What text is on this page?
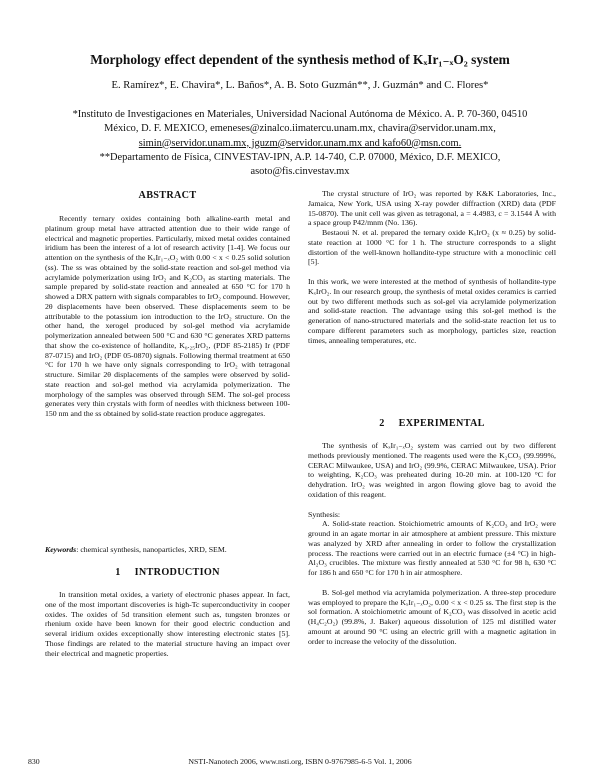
Morphology effect dependent of the synthesis method of KₓIr₁₋ₓO₂ system
E. Ramírez*, E. Chavira*, L. Baños*, A. B. Soto Guzmán**, J. Guzmán* and C. Flores*
*Instituto de Investigaciones en Materiales, Universidad Nacional Autónoma de México. A. P. 70-360, 04510
México, D. F. MEXICO, emeneses@zinalco.iimatercu.unam.mx, chavira@servidor.unam.mx,
simin@servidor.unam.mx, jguzm@servidor.unam.mx and kafo60@msn.com.
**Departamento de Física, CINVESTAV-IPN, A.P. 14-740, C.P. 07000, México, D.F. MEXICO,
asoto@fis.cinvestav.mx
ABSTRACT

Recently ternary oxides containing both alkaline-earth metal and platinum group metal have attracted attention due to their wide range of electrical and magnetic properties. Particularly, mixed metal oxides contained iridium has been the interest of a lot of research activity [1-4]. We focus our attention on the synthesis of the KₓIr₁₋ₓO₂ with 0.00 < x < 0.25 solid solution (ss). The ss was obtained by the solid-state reaction and sol-gel method via acrylamide polymerization using IrO₂ and K₂CO₃ as starting materials. The sample prepared by solid-state reaction and annealed at 650 °C for 170 h showed a DRX pattern with signals comparables to IrO₂ compound. However, 2θ displacements have been observed. These displacements seem to be attributable to the potassium ion introduction to the IrO₂ structure. On the other hand, the xerogel produced by sol-gel method via acrylamide polymerization annealed between 500 °C and 630 °C generates XRD patterns that show the co-existence of hollandite, K₀.₂₅IrO₂, (PDF 85-2185) Ir (PDF 87-0715) and IrO₂ (PDF 05-0870) signals. Following thermal treatment at 650 °C for 170 h we have only signals corresponding to IrO₂ with tetragonal structure. Similar 2θ displacements of the samples were observed by solid-state reaction and sol-gel method via acrylamida polymerization. The morphology of the samples was observed through SEM. The sol-gel process generates very thin crystals with form of needles with thickness between 100-150 nm and the ss obtained by solid-state reaction produce aggregates.

Keywords: chemical synthesis, nanoparticles, XRD, SEM.
1 INTRODUCTION

In transition metal oxides, a variety of electronic phases appear. In fact, one of the most important discoveries is high-Tc superconductivity in cooper oxides. The oxides of 5d transition element such as, tungsten bronzes or rhenium oxide have been known for their good electric conduction and several iridium oxides exceptionally show interesting electronic states [5]. Those findings are related to the material structure having an impact over their electrical and magnetic properties.

The crystal structure of IrO₂ was reported by K&K Laboratories, Inc., Jamaica, New York, USA using X-ray powder diffraction (XRD) data (PDF 15-0870). The unit cell was given as tetragonal, a = 4.4983, c = 3.1544 Å with a space group P42/mnm (No. 136).

Bestaoui N. et al. prepared the ternary oxide KₓIrO₂ (x ≈ 0.25) by solid-state reaction at 1000 °C for 1 h. The structure corresponds to a slight distortion of the well-known hollandite-type structure with a monoclinic cell [5].

In this work, we were interested at the method of synthesis of hollandite-type KₓIrO₂. In our research group, the synthesis of metal oxides ceramics is carried out by two different methods such as sol-gel via acrylamide polymerization and solid-state reaction. The advantage using this sol-gel method is the generation of nano-structured materials and the solid-state reaction let us to compare different parameters such as morphology, particles size, reaction times, annealing temperatures, etc.

2 EXPERIMENTAL

The synthesis of KₓIr₁₋ₓO₂ system was carried out by two different methods previously mentioned. The reagents used were the K₂CO₃ (99.999%, CERAC Milwaukee, USA) and IrO₂ (99.9%, CERAC Milwaukee, USA). Prior to weighting, K₂CO₃ was preheated during 10-20 min. at 100-120 °C for dehydration. IrO₂ was weighted in argon flowing glove bag to avoid the oxidation of this reagent.

Synthesis:

A. Solid-state reaction. Stoichiometric amounts of K₂CO₃ and IrO₂ were ground in an agate mortar in air atmosphere at ambient pressure. This mixture was analyzed by XRD after annealing in order to follow the crystallization process. The reactions were carried out in an electric furnace (±4 °C) in high-Al₂O₃ crucibles. The mixture was firstly annealed at 530 °C for 98 h, 630 °C for 186 h and 650 °C for 170 h in air atmosphere.

B. Sol-gel method via acrylamida polymerization. A three-step procedure was employed to prepare the KₓIr₁₋ₓO₂, 0.00 < x < 0.25 ss. The first step is the sol formation. A stoichiometric amount of K₂CO₃ was dissolved in acetic acid (H₄C₂O₂) (99.8%, J. Baker) aqueous dissolution of 125 ml distilled water amount at around 90 °C using an electric grill with a magnetic agitation in order to increase the velocity of the dissolution.

830	NSTI-Nanotech 2006, www.nsti.org, ISBN 0-9767985-6-5 Vol. 1, 2006
